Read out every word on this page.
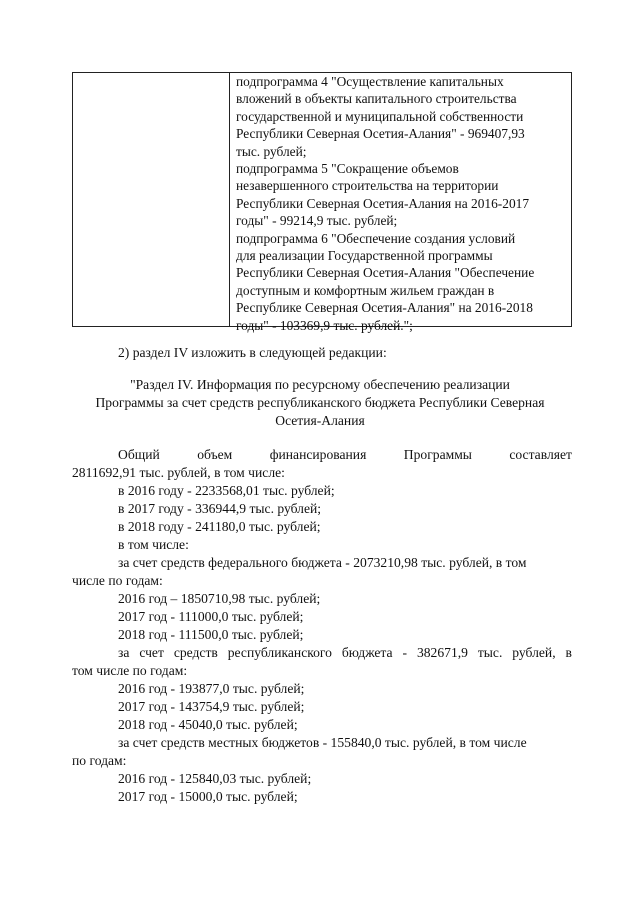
подпрограмма 4 "Осуществление капитальных
вложений в объекты капитального строительства
государственной и муниципальной собственности
Республики Северная Осетия-Алания" - 969407,93
тыс. рублей;
подпрограмма 5 "Сокращение объемов
незавершенного строительства на территории
Республики Северная Осетия-Алания на 2016-2017
годы" - 99214,9 тыс. рублей;
подпрограмма 6 "Обеспечение создания условий
для реализации Государственной программы
Республики Северная Осетия-Алания "Обеспечение
доступным и комфортным жильем граждан в
Республике Северная Осетия-Алания" на 2016-2018
годы" - 103369,9 тыс. рублей.";
2) раздел IV изложить в следующей редакции:
"Раздел IV. Информация по ресурсному обеспечению реализации
Программы за счет средств республиканского бюджета Республики Северная
Осетия-Алания
Общий	объем	финансирования	Программы	составляет
2811692,91 тыс. рублей, в том числе:
в 2016 году - 2233568,01 тыс. рублей;
в 2017 году - 336944,9 тыс. рублей;
в 2018 году - 241180,0 тыс. рублей;
в том числе:
за счет средств федерального бюджета - 2073210,98 тыс. рублей, в том
числе по годам:
2016 год – 1850710,98 тыс. рублей;
2017 год - 111000,0 тыс. рублей;
2018 год - 111500,0 тыс. рублей;
за счет средств республиканского бюджета - 382671,9 тыс. рублей, в
том числе по годам:
2016 год - 193877,0 тыс. рублей;
2017 год - 143754,9 тыс. рублей;
2018 год - 45040,0 тыс. рублей;
за счет средств местных бюджетов - 155840,0 тыс. рублей, в том числе
по годам:
2016 год - 125840,03 тыс. рублей;
2017 год - 15000,0 тыс. рублей;
